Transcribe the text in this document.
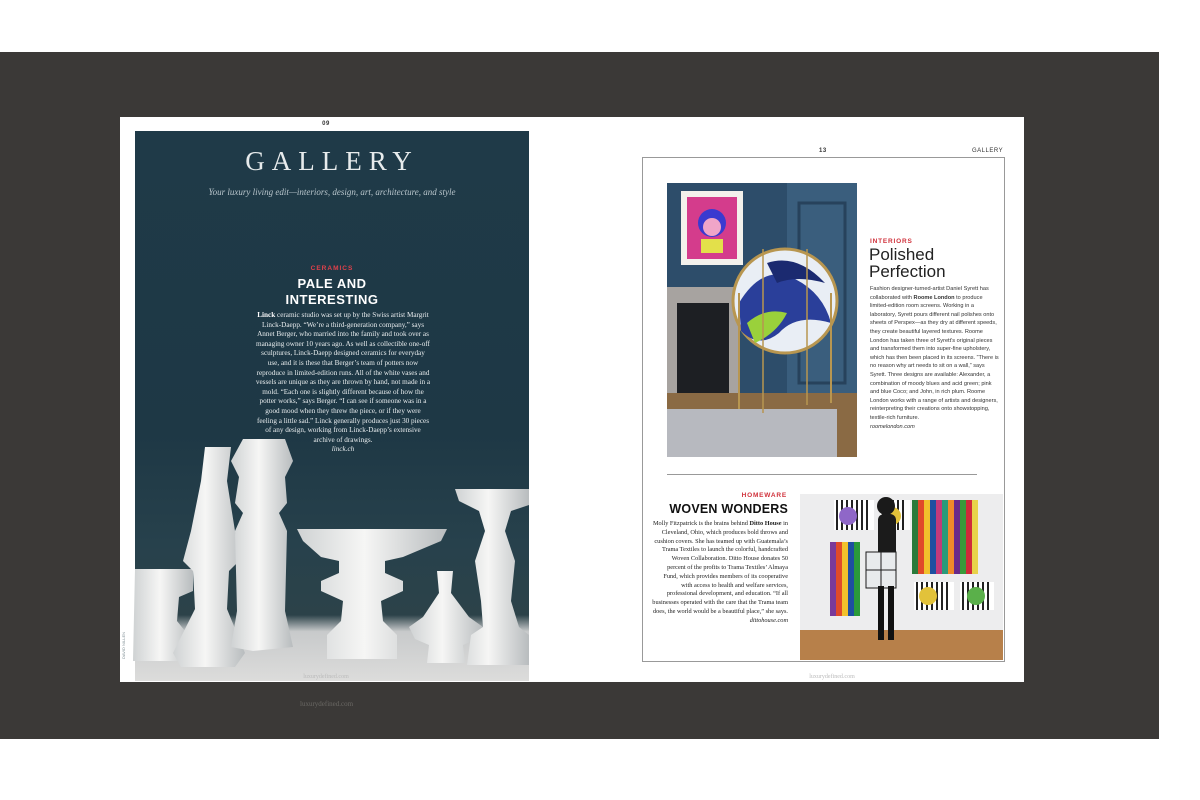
09
GALLERY
Your luxury living edit—interiors, design, art, architecture, and style
CERAMICS
PALE AND
INTERESTING
Linck ceramic studio was set up by the Swiss artist Margrit Linck-Daepp. “We’re a third-generation company,” says Annet Berger, who married into the family and took over as managing owner 10 years ago. As well as collectible one-off sculptures, Linck-Daepp designed ceramics for everyday use, and it is these that Berger’s team of potters now reproduce in limited-edition runs. All of the white vases and vessels are unique as they are thrown by hand, not made in a mold. “Each one is slightly different because of how the potter works,” says Berger. “I can see if someone was in a good mood when they threw the piece, or if they were feeling a little sad.” Linck generally produces just 30 pieces of any design, working from Linck-Daepp’s extensive archive of drawings.
linck.ch
DAVID NILLEN
luxurydefined.com
luxurydefined.com
13	GALLERY
INTERIORS
Polished
Perfection
Fashion designer-turned-artist Daniel Syrett has collaborated with Roome London to produce limited-edition room screens. Working in a laboratory, Syrett pours different nail polishes onto sheets of Perspex—as they dry at different speeds, they create beautiful layered textures. Roome London has taken three of Syrett’s original pieces and transformed them into super-fine upholstery, which has then been placed in its screens. “There is no reason why art needs to sit on a wall,” says Syrett. Three designs are available: Alexander, a combination of moody blues and acid green; pink and blue Coco; and John, in rich plum. Roome London works with a range of artists and designers, reinterpreting their creations onto showstopping, textile-rich furniture.
roomelondon.com
HOMEWARE
WOVEN WONDERS
Molly Fitzpatrick is the brains behind Ditto House in Cleveland, Ohio, which produces bold throws and cushion covers. She has teamed up with Guatemala’s Trama Textiles to launch the colorful, handcrafted Woven Collaboration. Ditto House donates 50 percent of the profits to Trama Textiles’ Almaya Fund, which provides members of its cooperative with access to health and welfare services, professional development, and education. “If all businesses operated with the care that the Trama team does, the world would be a beautiful place,” she says.
dittohouse.com
luxurydefined.com
